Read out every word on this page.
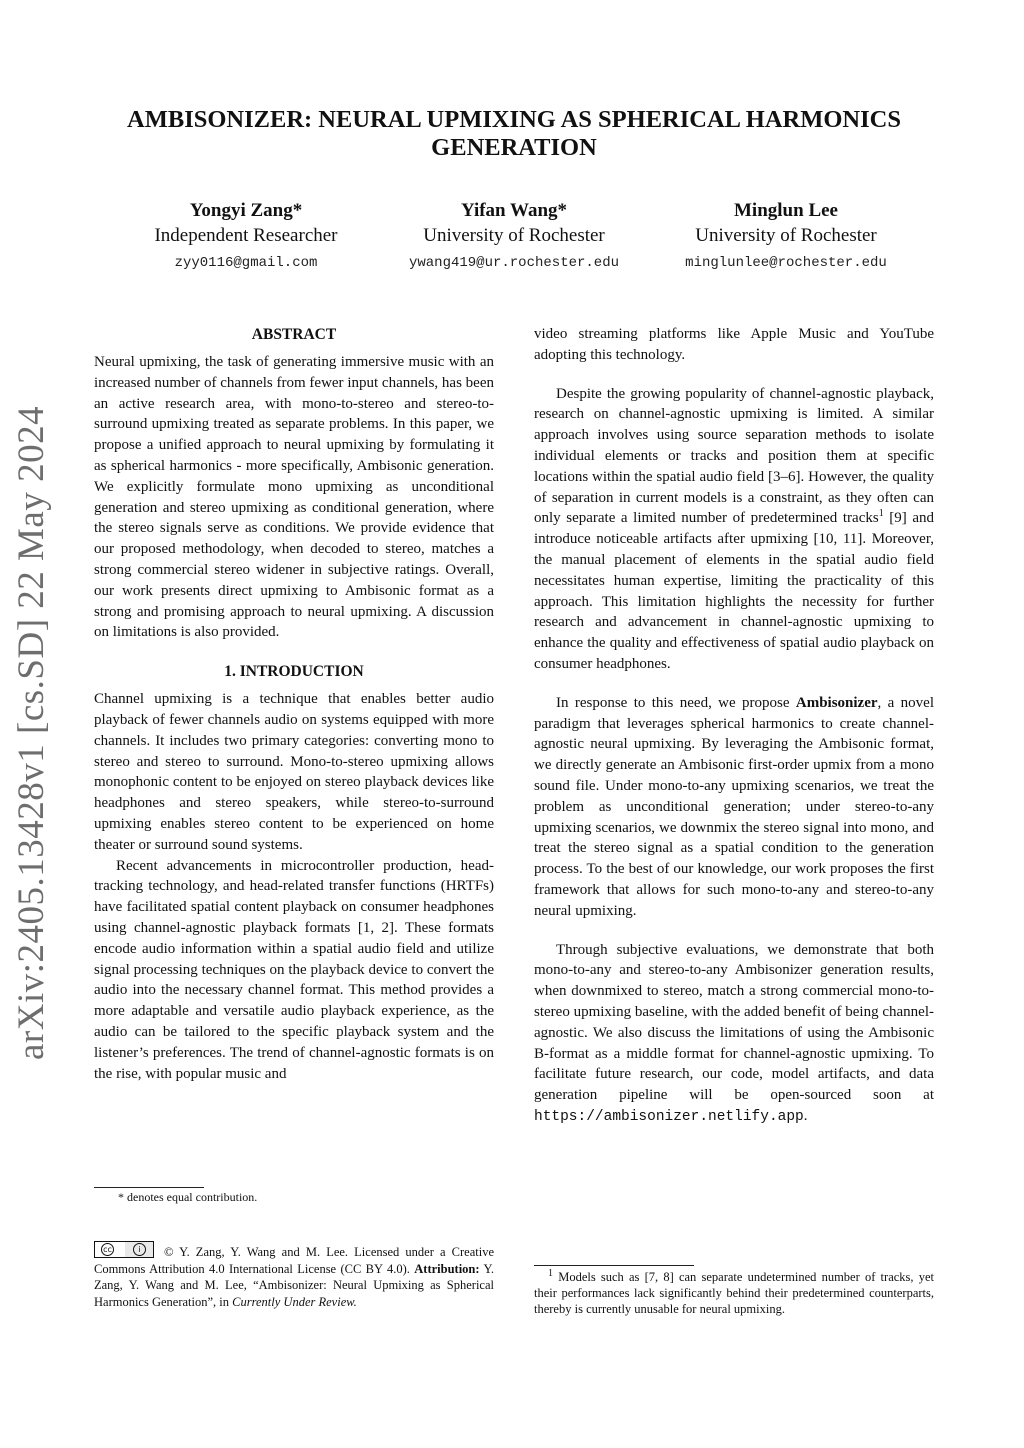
arXiv:2405.13428v1 [cs.SD] 22 May 2024
AMBISONIZER: NEURAL UPMIXING AS SPHERICAL HARMONICS
GENERATION
Yongyi Zang*
Independent Researcher
zyy0116@gmail.com
Yifan Wang*
University of Rochester
ywang419@ur.rochester.edu
Minglun Lee
University of Rochester
minglunlee@rochester.edu
ABSTRACT

Neural upmixing, the task of generating immersive music with an increased number of channels from fewer input channels, has been an active research area, with mono-to-stereo and stereo-to-surround upmixing treated as separate problems. In this paper, we propose a unified approach to neural upmixing by formulating it as spherical harmonics - more specifically, Ambisonic generation. We explicitly formulate mono upmixing as unconditional generation and stereo upmixing as conditional generation, where the stereo signals serve as conditions. We provide evidence that our proposed methodology, when decoded to stereo, matches a strong commercial stereo widener in subjective ratings. Overall, our work presents direct upmixing to Ambisonic format as a strong and promising approach to neural upmixing. A discussion on limitations is also provided.

1. INTRODUCTION

Channel upmixing is a technique that enables better audio playback of fewer channels audio on systems equipped with more channels. It includes two primary categories: converting mono to stereo and stereo to surround. Mono-to-stereo upmixing allows monophonic content to be enjoyed on stereo playback devices like headphones and stereo speakers, while stereo-to-surround upmixing enables stereo content to be experienced on home theater or surround sound systems.

Recent advancements in microcontroller production, head-tracking technology, and head-related transfer functions (HRTFs) have facilitated spatial content playback on consumer headphones using channel-agnostic playback formats [1, 2]. These formats encode audio information within a spatial audio field and utilize signal processing techniques on the playback device to convert the audio into the necessary channel format. This method provides a more adaptable and versatile audio playback experience, as the audio can be tailored to the specific playback system and the listener’s preferences. The trend of channel-agnostic formats is on the rise, with popular music and

* denotes equal contribution.
cc	i	© Y. Zang, Y. Wang and M. Lee. Licensed under a Creative Commons Attribution 4.0 International License (CC BY 4.0). Attribution: Y. Zang, Y. Wang and M. Lee, “Ambisonizer: Neural Upmixing as Spherical Harmonics Generation”, in Currently Under Review.

video streaming platforms like Apple Music and YouTube adopting this technology.

Despite the growing popularity of channel-agnostic playback, research on channel-agnostic upmixing is limited. A similar approach involves using source separation methods to isolate individual elements or tracks and position them at specific locations within the spatial audio field [3–6]. However, the quality of separation in current models is a constraint, as they often can only separate a limited number of predetermined tracks$^1$ [9] and introduce noticeable artifacts after upmixing [10, 11]. Moreover, the manual placement of elements in the spatial audio field necessitates human expertise, limiting the practicality of this approach. This limitation highlights the necessity for further research and advancement in channel-agnostic upmixing to enhance the quality and effectiveness of spatial audio playback on consumer headphones.

In response to this need, we propose Ambisonizer, a novel paradigm that leverages spherical harmonics to create channel-agnostic neural upmixing. By leveraging the Ambisonic format, we directly generate an Ambisonic first-order upmix from a mono sound file. Under mono-to-any upmixing scenarios, we treat the problem as unconditional generation; under stereo-to-any upmixing scenarios, we downmix the stereo signal into mono, and treat the stereo signal as a spatial condition to the generation process. To the best of our knowledge, our work proposes the first framework that allows for such mono-to-any and stereo-to-any neural upmixing.

Through subjective evaluations, we demonstrate that both mono-to-any and stereo-to-any Ambisonizer generation results, when downmixed to stereo, match a strong commercial mono-to-stereo upmixing baseline, with the added benefit of being channel-agnostic. We also discuss the limitations of using the Ambisonic B-format as a middle format for channel-agnostic upmixing. To facilitate future research, our code, model artifacts, and data generation pipeline will be open-sourced soon at https://ambisonizer.netlify.app.

$^1$ Models such as [7, 8] can separate undetermined number of tracks, yet their performances lack significantly behind their predetermined counterparts, thereby is currently unusable for neural upmixing.
